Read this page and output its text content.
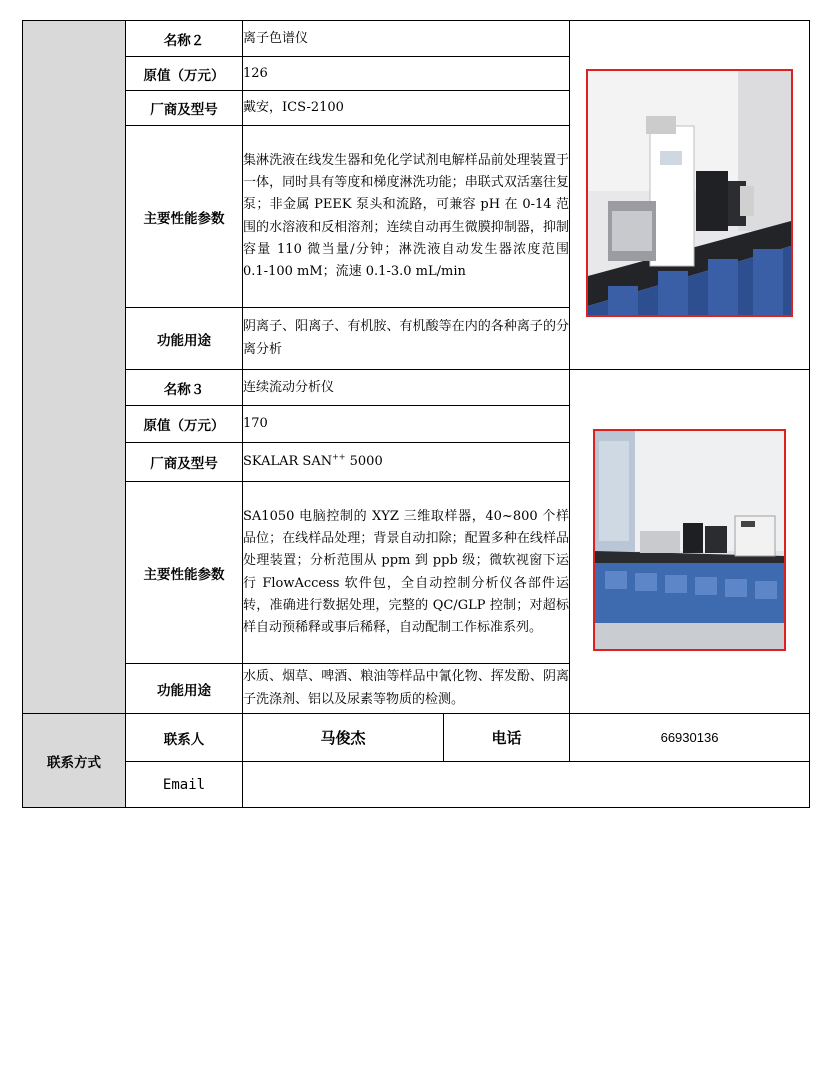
	名称２	离子色谱仪	
	原值（万元）	126		
	厂商及型号	戴安，ICS-2100		
	主要性能参数	集淋洗液在线发生器和免化学试剂电解样品前处理装置于一体，同时具有等度和梯度淋洗功能；串联式双活塞往复泵；非金属 PEEK 泵头和流路，可兼容 pH 在 0-14 范围的水溶液和反相溶剂；连续自动再生微膜抑制器，抑制容量 110 微当量/分钟；淋洗液自动发生器浓度范围 0.1-100 mM；流速 0.1-3.0 mL/min		
	功能用途	阴离子、阳离子、有机胺、有机酸等在内的各种离子的分离分析		
	名称３	连续流动分析仪	
	原值（万元）	170		
	厂商及型号	SKALAR SAN++ 5000		
	主要性能参数	SA1050 电脑控制的 XYZ 三维取样器，40~800 个样品位；在线样品处理；背景自动扣除；配置多种在线样品处理装置；分析范围从 ppm 到 ppb 级；微软视窗下运行 FlowAccess 软件包，全自动控制分析仪各部件运转，准确进行数据处理，完整的 QC/GLP 控制；对超标样自动预稀释或事后稀释，自动配制工作标准系列。		
	功能用途	水质、烟草、啤酒、粮油等样品中氰化物、挥发酚、阴离子洗涤剂、铝以及尿素等物质的检测。		
联系方式	联系人	马俊杰	电话	66930136
	Email			
